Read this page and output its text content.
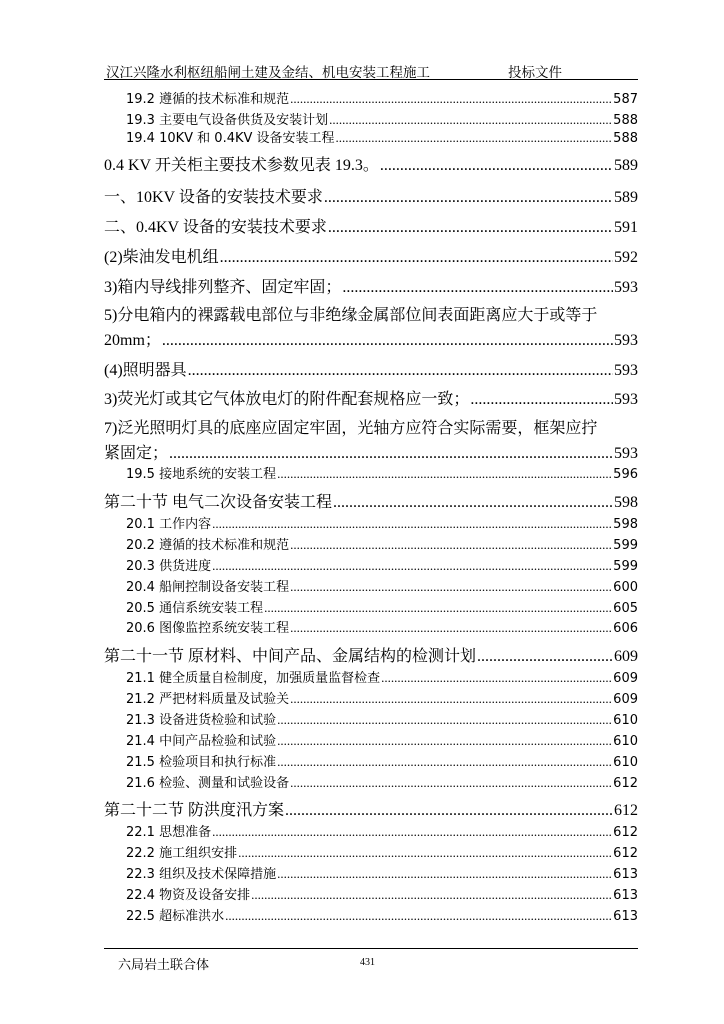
汉江兴隆水利枢纽船闸土建及金结、机电安装工程施工	投标文件
19.2 遵循的技术标准和规范 .....	587
19.3 主要电气设备供货及安装计划 .....	588
19.4 10KV 和 0.4KV 设备安装工程 .....	588
0.4 KV 开关柜主要技术参数见表 19.3。 .....	589
一、10KV 设备的安装技术要求 .....	589
二、0.4KV 设备的安装技术要求 .....	591
(2)柴油发电机组 .....	592
3)箱内导线排列整齐、固定牢固； .....	593
5)分电箱内的裸露载电部位与非绝缘金属部位间表面距离应大于或等于
20mm； .....	593
(4)照明器具 .....	593
3)荧光灯或其它气体放电灯的附件配套规格应一致； .....	593
7)泛光照明灯具的底座应固定牢固，光轴方应符合实际需要，框架应拧
紧固定； .....	593
19.5 接地系统的安装工程 .....	596
第二十节 电气二次设备安装工程 .....	598
20.1 工作内容 .....	598
20.2 遵循的技术标准和规范 .....	599
20.3 供货进度 .....	599
20.4 船闸控制设备安装工程 .....	600
20.5 通信系统安装工程 .....	605
20.6 图像监控系统安装工程 .....	606
第二十一节 原材料、中间产品、金属结构的检测计划 .....	609
21.1 健全质量自检制度，加强质量监督检查 .....	609
21.2 严把材料质量及试验关 .....	609
21.3 设备进货检验和试验 .....	610
21.4 中间产品检验和试验 .....	610
21.5 检验项目和执行标准 .....	610
21.6 检验、测量和试验设备 .....	612
第二十二节 防洪度汛方案 .....	612
22.1 思想准备 .....	612
22.2 施工组织安排 .....	612
22.3 组织及技术保障措施 .....	613
22.4 物资及设备安排 .....	613
22.5 超标准洪水 .....	613
六局岩土联合体	431
